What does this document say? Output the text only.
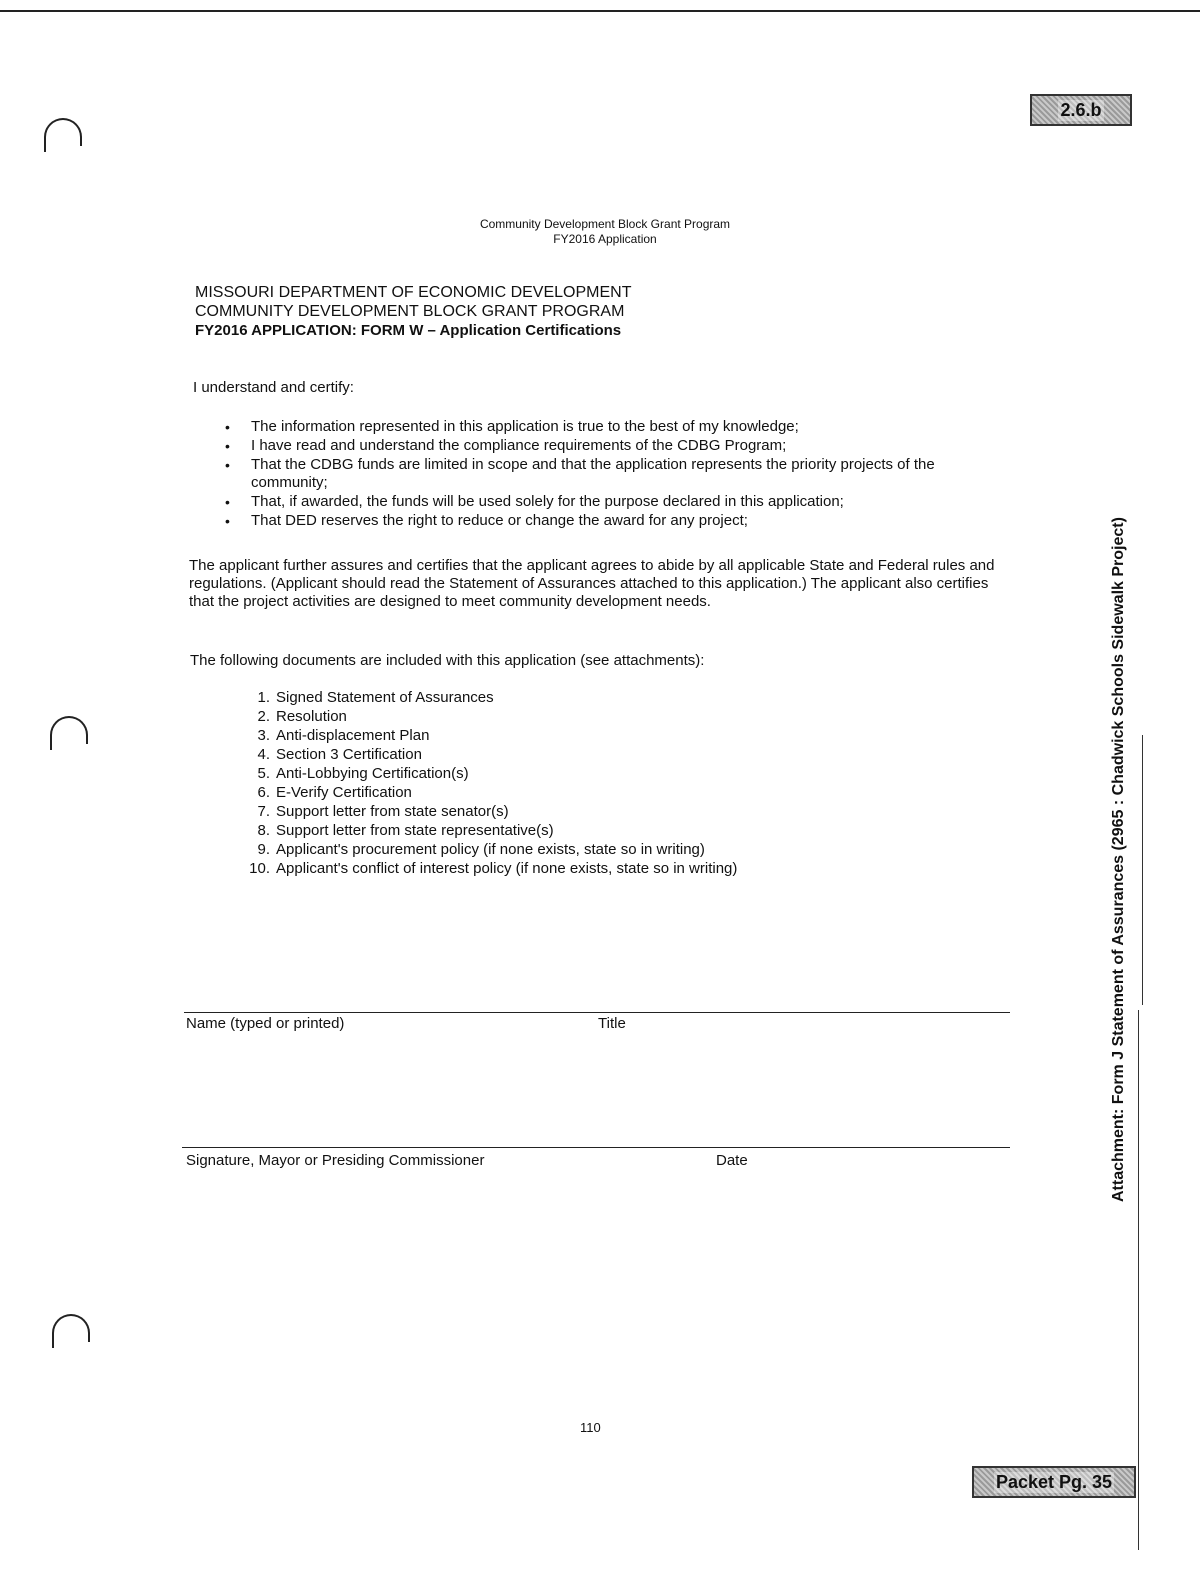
2.6.b
Community Development Block Grant Program
FY2016 Application
MISSOURI DEPARTMENT OF ECONOMIC DEVELOPMENT
COMMUNITY DEVELOPMENT BLOCK GRANT PROGRAM
FY2016 APPLICATION: FORM W – Application Certifications
I understand and certify:
• The information represented in this application is true to the best of my knowledge;
• I have read and understand the compliance requirements of the CDBG Program;
• That the CDBG funds are limited in scope and that the application represents the priority projects of the community;
• That, if awarded, the funds will be used solely for the purpose declared in this application;
• That DED reserves the right to reduce or change the award for any project;
The applicant further assures and certifies that the applicant agrees to abide by all applicable State and Federal rules and regulations. (Applicant should read the Statement of Assurances attached to this application.) The applicant also certifies that the project activities are designed to meet community development needs.
The following documents are included with this application (see attachments):
1. Signed Statement of Assurances
2. Resolution
3. Anti-displacement Plan
4. Section 3 Certification
5. Anti-Lobbying Certification(s)
6. E-Verify Certification
7. Support letter from state senator(s)
8. Support letter from state representative(s)
9. Applicant's procurement policy (if none exists, state so in writing)
10. Applicant's conflict of interest policy (if none exists, state so in writing)
Name (typed or printed)	Title
Signature, Mayor or Presiding Commissioner	Date
110
Attachment: Form J Statement of Assurances (2965 : Chadwick Schools Sidewalk Project)
Packet Pg. 35
